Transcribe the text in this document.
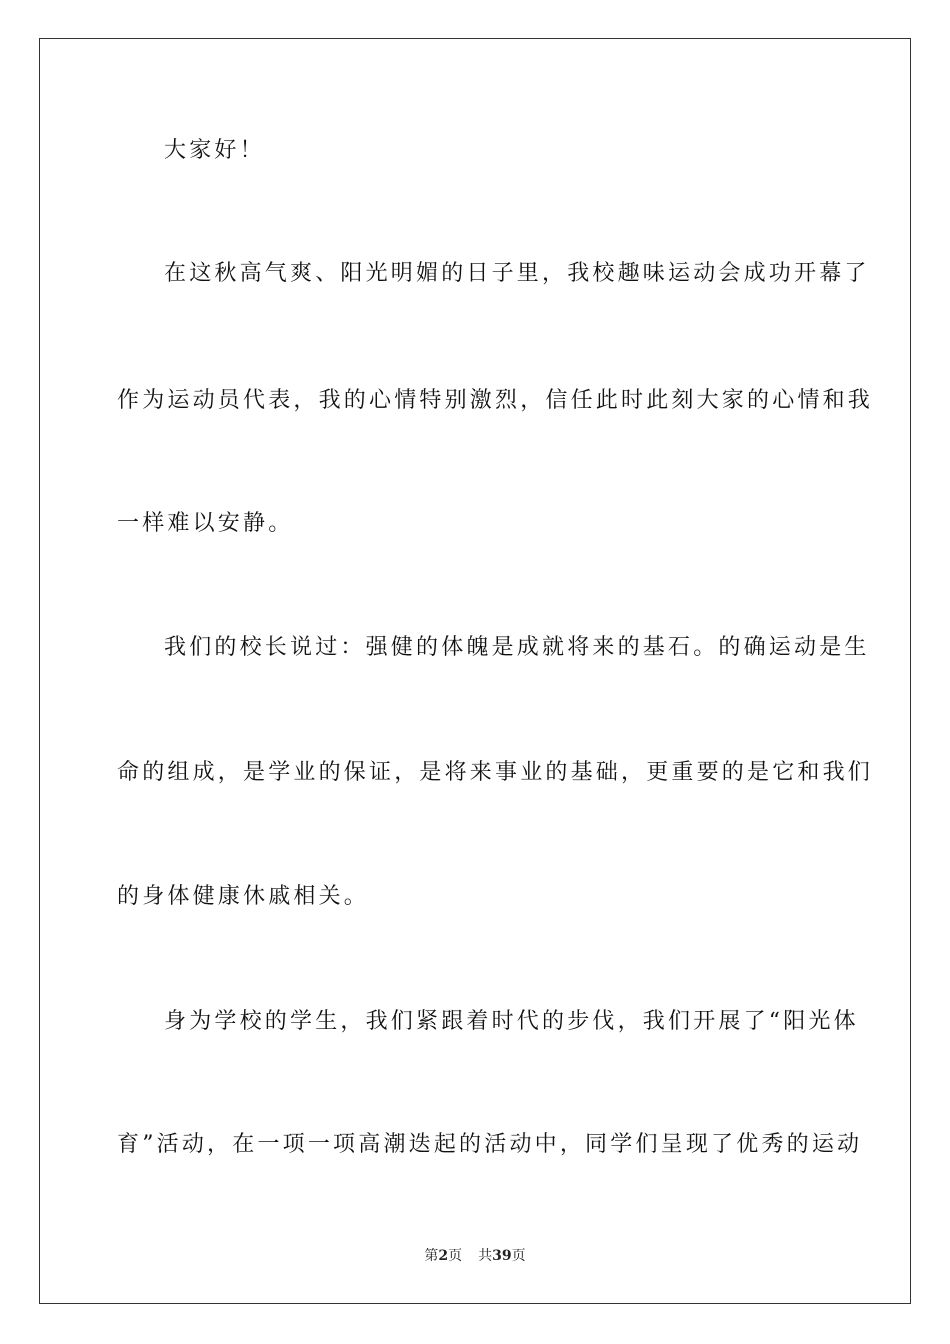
大家好！
在这秋高气爽、阳光明媚的日子里，我校趣味运动会成功开幕了
作为运动员代表，我的心情特别激烈，信任此时此刻大家的心情和我
一样难以安静。
我们的校长说过：强健的体魄是成就将来的基石。的确运动是生
命的组成，是学业的保证，是将来事业的基础，更重要的是它和我们
的身体健康休戚相关。
身为学校的学生，我们紧跟着时代的步伐，我们开展了“阳光体
育”活动，在一项一项高潮迭起的活动中，同学们呈现了优秀的运动
第2页 共39页
